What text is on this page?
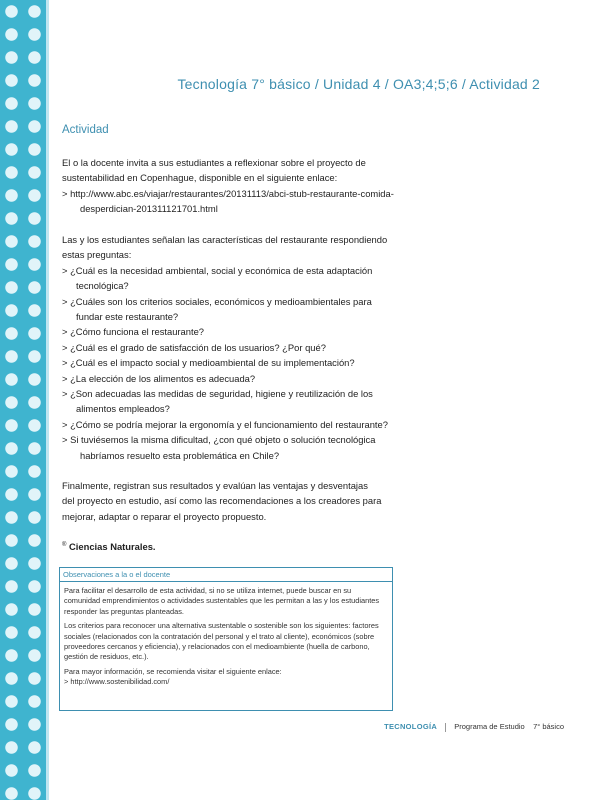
Tecnología 7° básico / Unidad 4 / OA3;4;5;6 / Actividad 2
Actividad

El o la docente invita a sus estudiantes a reflexionar sobre el proyecto de

sustentabilidad en Copenhague, disponible en el siguiente enlace:

> http://www.abc.es/viajar/restaurantes/20131113/abci-stub-restaurante-comida-

desperdician-201311121701.html

Las y los estudiantes señalan las características del restaurante respondiendo

estas preguntas:

> ¿Cuál es la necesidad ambiental, social y económica de esta adaptación

tecnológica?

> ¿Cuáles son los criterios sociales, económicos y medioambientales para

fundar este restaurante?

> ¿Cómo funciona el restaurante?

> ¿Cuál es el grado de satisfacción de los usuarios? ¿Por qué?

> ¿Cuál es el impacto social y medioambiental de su implementación?

> ¿La elección de los alimentos es adecuada?

> ¿Son adecuadas las medidas de seguridad, higiene y reutilización de los

alimentos empleados?

> ¿Cómo se podría mejorar la ergonomía y el funcionamiento del restaurante?

> Si tuviésemos la misma dificultad, ¿con qué objeto o solución tecnológica

habríamos resuelto esta problemática en Chile?

Finalmente, registran sus resultados y evalúan las ventajas y desventajas

del proyecto en estudio, así como las recomendaciones a los creadores para

mejorar, adaptar o reparar el proyecto propuesto.

® Ciencias Naturales.
Observaciones a la o el docente

Para facilitar el desarrollo de esta actividad, si no se utiliza internet, puede buscar en su comunidad emprendimientos o actividades sustentables que les permitan a las y los estudiantes responder las preguntas planteadas.

Los criterios para reconocer una alternativa sustentable o sostenible son los siguientes: factores sociales (relacionados con la contratación del personal y el trato al cliente), económicos (sobre proveedores cercanos y eficiencia), y relacionados con el medioambiente (huella de carbono, gestión de residuos, etc.).

Para mayor información, se recomienda visitar el siguiente enlace:

> http://www.sostenibilidad.com/

TECNOLOGÍA Programa de Estudio 7° básico
